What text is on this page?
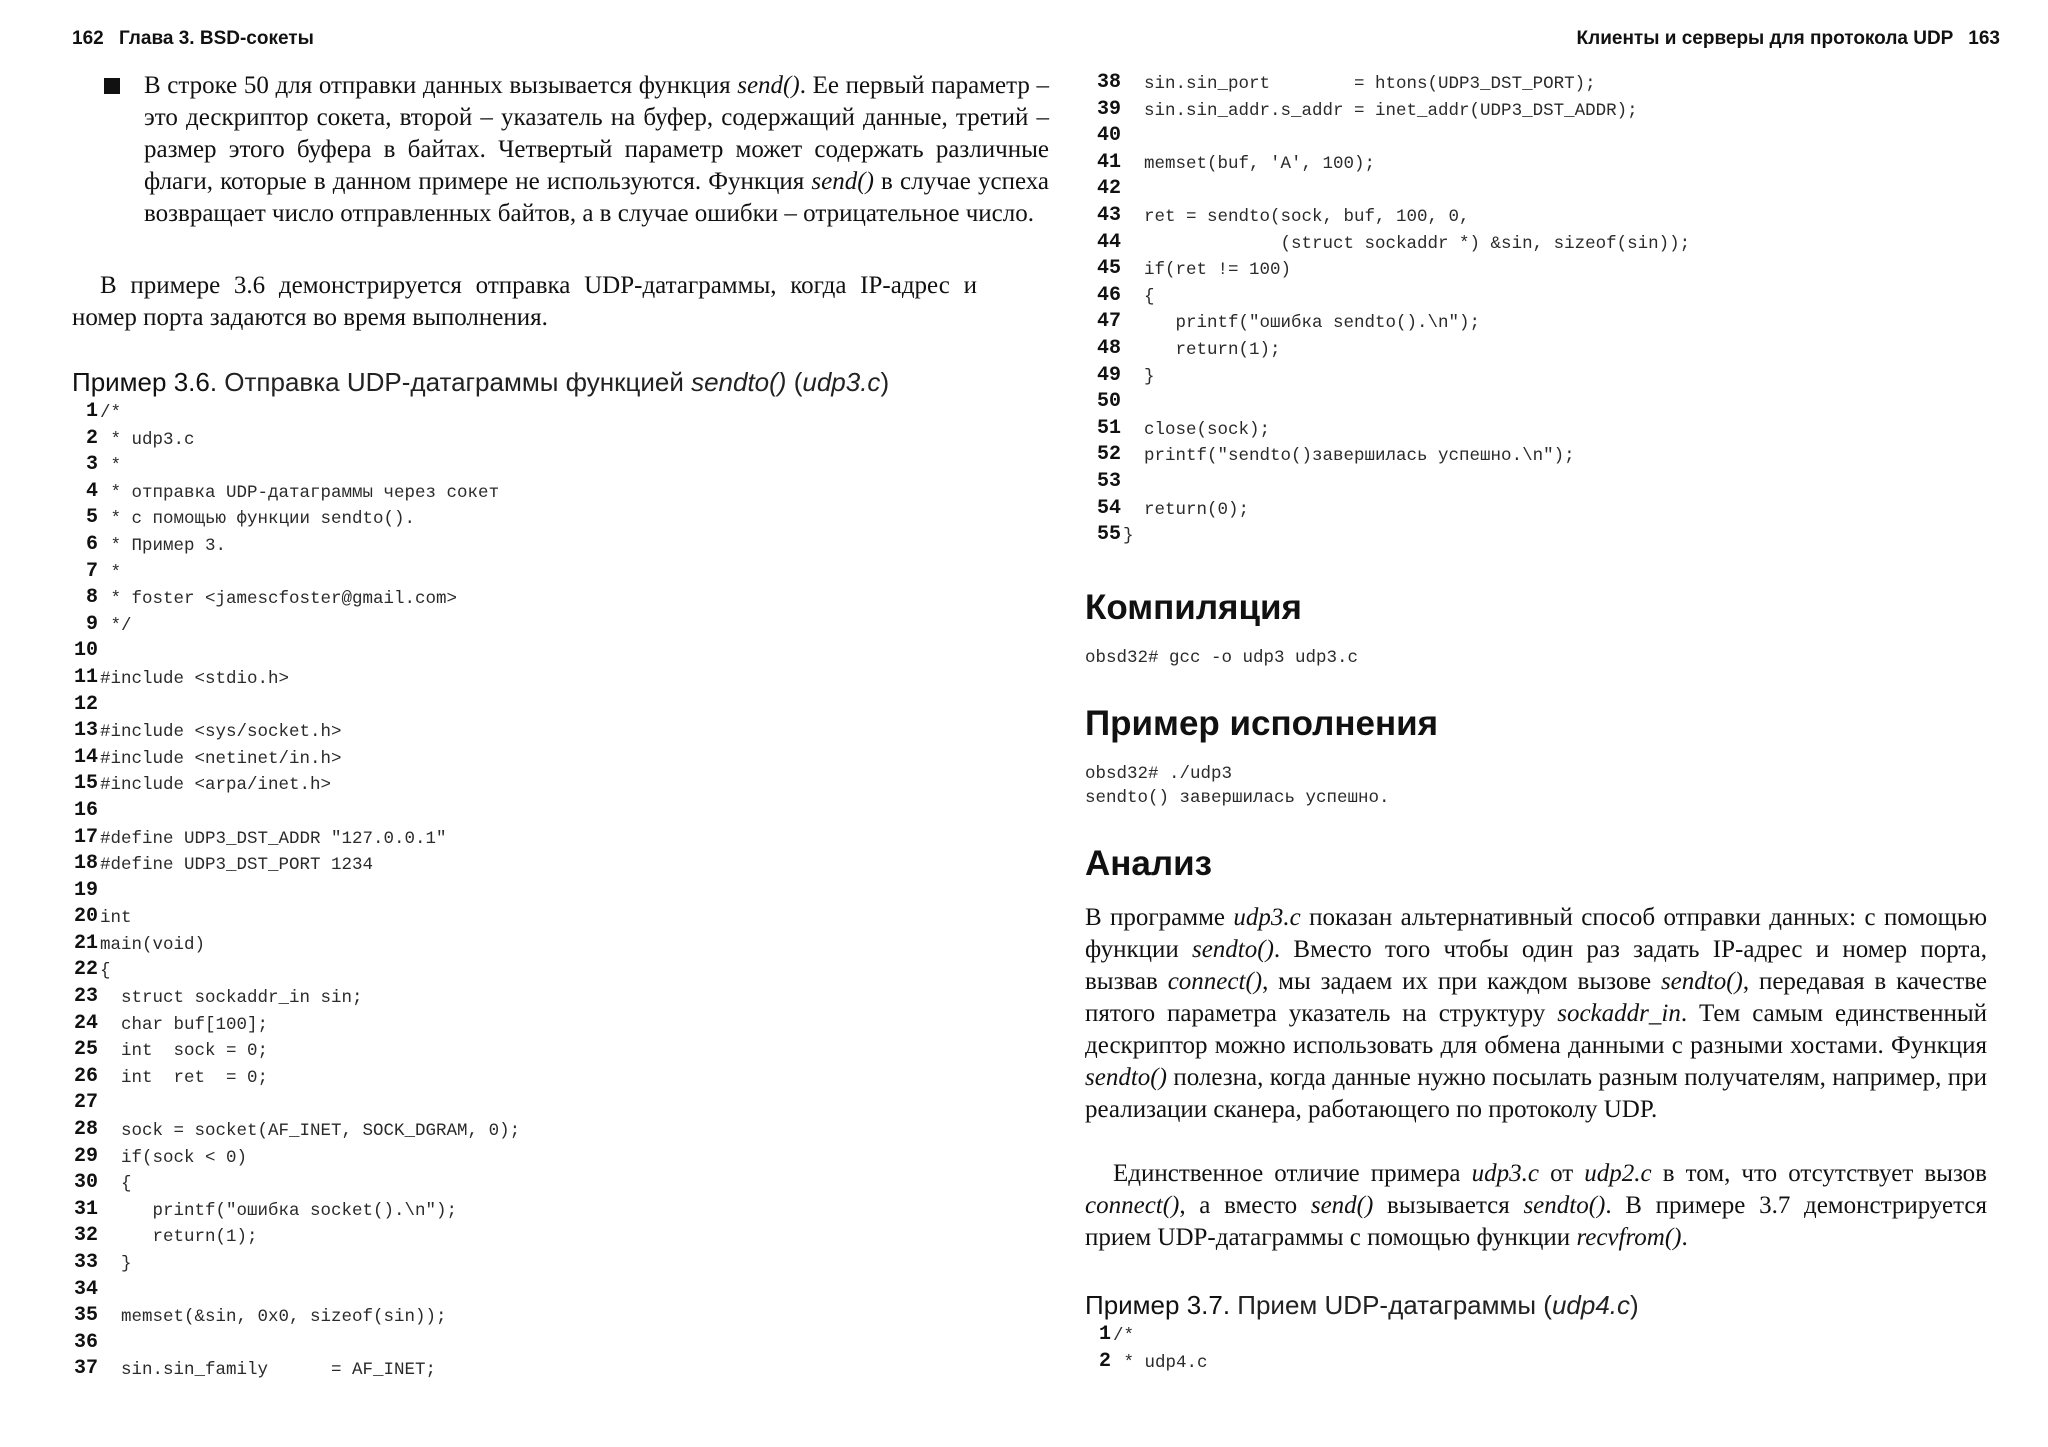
162 Глава 3. BSD-сокеты
В строке 50 для отправки данных вызывается функция send(). Ее первый параметр – это дескриптор сокета, второй – указатель на буфер, содержащий данные, третий – размер этого буфера в байтах. Четвертый параметр может содержать различные флаги, которые в данном примере не используются. Функция send() в случае успеха возвращает число отправленных байтов, а в случае ошибки – отрицательное число.
В примере 3.6 демонстрируется отправка UDP-датаграммы, когда IP-адрес и номер порта задаются во время выполнения.
Пример 3.6. Отправка UDP-датаграммы функцией sendto() (udp3.c)
1 /*
2 * udp3.c
3 *
4 * отправка UDP-датаграммы через сокет
5 * с помощью функции sendto().
6 * Пример 3.
7 *
8 * foster <jamescfoster@gmail.com>
9 */
10
11 #include <stdio.h>
12
13 #include <sys/socket.h>
14 #include <netinet/in.h>
15 #include <arpa/inet.h>
16
17 #define UDP3_DST_ADDR "127.0.0.1"
18 #define UDP3_DST_PORT 1234
19
20 int
21 main(void)
22 {
23 struct sockaddr_in sin;
24 char buf[100];
25 int  sock = 0;
26 int  ret  = 0;
27
28 sock = socket(AF_INET, SOCK_DGRAM, 0);
29 if(sock < 0)
30 {
31 printf("ошибка socket().\n");
32 return(1);
33 }
34
35 memset(&sin, 0x0, sizeof(sin));
36
37 sin.sin_family      = AF_INET;
Клиенты и серверы для протокола UDP 163
38 sin.sin_port        = htons(UDP3_DST_PORT);
39 sin.sin_addr.s_addr = inet_addr(UDP3_DST_ADDR);
40
41 memset(buf, 'A', 100);
42
43 ret = sendto(sock, buf, 100, 0,
44 (struct sockaddr *) &sin, sizeof(sin));
45 if(ret != 100)
46 {
47 printf("ошибка sendto().\n");
48 return(1);
49 }
50
51 close(sock);
52 printf("sendto()завершилась успешно.\n");
53
54 return(0);
55 }
Компиляция
obsd32# gcc -o udp3 udp3.c
Пример исполнения
obsd32# ./udp3
sendto() завершилась успешно.
Анализ
В программе udp3.c показан альтернативный способ отправки данных: с помощью функции sendto(). Вместо того чтобы один раз задать IP-адрес и номер порта, вызвав connect(), мы задаем их при каждом вызове sendto(), передавая в качестве пятого параметра указатель на структуру sockaddr_in. Тем самым единственный дескриптор можно использовать для обмена данными с разными хостами. Функция sendto() полезна, когда данные нужно посылать разным получателям, например, при реализации сканера, работающего по протоколу UDP.
Единственное отличие примера udp3.c от udp2.c в том, что отсутствует вызов connect(), а вместо send() вызывается sendto(). В примере 3.7 демонстрируется прием UDP-датаграммы с помощью функции recvfrom().
Пример 3.7. Прием UDP-датаграммы (udp4.c)
1 /*
2 * udp4.c
